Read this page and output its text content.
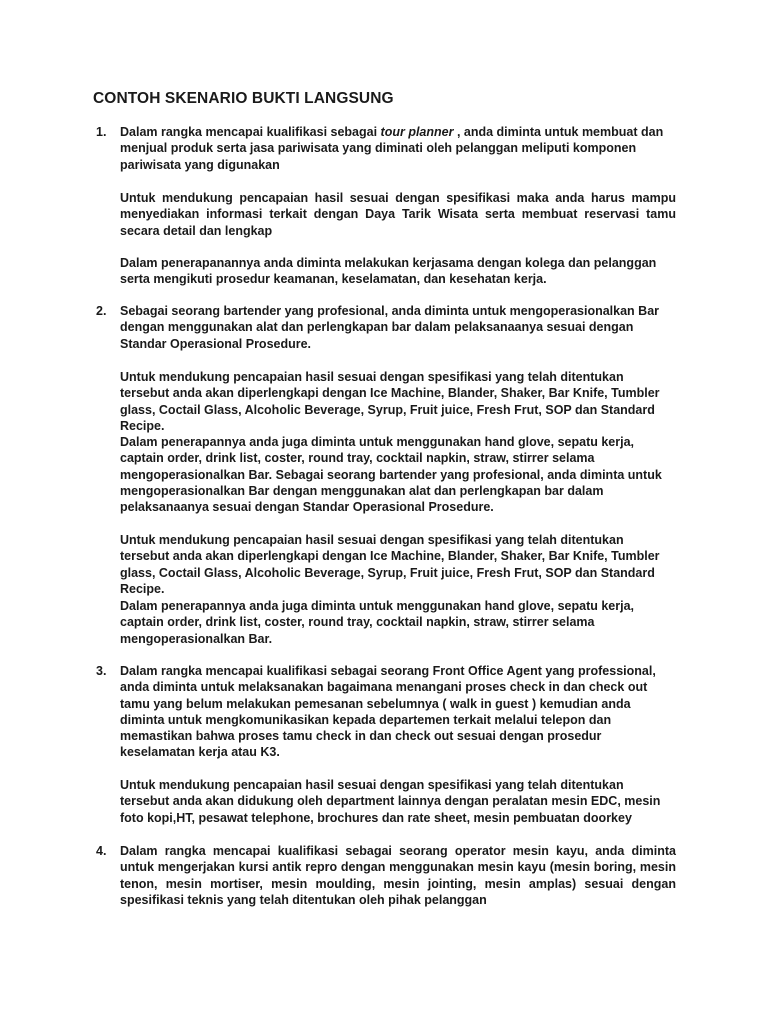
CONTOH SKENARIO BUKTI LANGSUNG
1. Dalam rangka mencapai kualifikasi sebagai tour planner , anda diminta untuk membuat dan menjual produk serta jasa pariwisata yang diminati oleh pelanggan meliputi komponen pariwisata yang digunakan

Untuk mendukung pencapaian hasil sesuai dengan spesifikasi maka anda harus mampu menyediakan informasi terkait dengan Daya Tarik Wisata serta membuat reservasi tamu secara detail dan lengkap

Dalam penerapanannya anda diminta melakukan kerjasama dengan kolega dan pelanggan serta mengikuti prosedur keamanan, keselamatan, dan kesehatan kerja.

2. Sebagai seorang bartender yang profesional, anda diminta untuk mengoperasionalkan Bar dengan menggunakan alat dan perlengkapan bar dalam pelaksanaanya sesuai dengan Standar Operasional Prosedure.

Untuk mendukung pencapaian hasil sesuai dengan spesifikasi yang telah ditentukan tersebut anda akan diperlengkapi dengan Ice Machine, Blander, Shaker, Bar Knife, Tumbler glass, Coctail Glass, Alcoholic Beverage, Syrup, Fruit juice, Fresh Frut, SOP dan Standard Recipe.

Dalam penerapannya anda juga diminta untuk menggunakan hand glove, sepatu kerja, captain order, drink list, coster, round tray, cocktail napkin, straw, stirrer selama mengoperasionalkan Bar. Sebagai seorang bartender yang profesional, anda diminta untuk mengoperasionalkan Bar dengan menggunakan alat dan perlengkapan bar dalam pelaksanaanya sesuai dengan Standar Operasional Prosedure.

Untuk mendukung pencapaian hasil sesuai dengan spesifikasi yang telah ditentukan tersebut anda akan diperlengkapi dengan Ice Machine, Blander, Shaker, Bar Knife, Tumbler glass, Coctail Glass, Alcoholic Beverage, Syrup, Fruit juice, Fresh Frut, SOP dan Standard Recipe.

Dalam penerapannya anda juga diminta untuk menggunakan hand glove, sepatu kerja, captain order, drink list, coster, round tray, cocktail napkin, straw, stirrer selama mengoperasionalkan Bar.

3. Dalam rangka mencapai kualifikasi sebagai seorang Front Office Agent yang professional, anda diminta untuk melaksanakan bagaimana menangani proses check in dan check out tamu yang belum melakukan pemesanan sebelumnya ( walk in guest ) kemudian anda diminta untuk mengkomunikasikan kepada departemen terkait melalui telepon dan memastikan bahwa proses tamu check in dan check out sesuai dengan prosedur keselamatan kerja atau K3.

Untuk mendukung pencapaian hasil sesuai dengan spesifikasi yang telah ditentukan tersebut anda akan didukung oleh department lainnya dengan peralatan mesin EDC, mesin foto kopi,HT, pesawat telephone, brochures dan rate sheet, mesin pembuatan doorkey

4. Dalam rangka mencapai kualifikasi sebagai seorang operator mesin kayu, anda diminta untuk mengerjakan kursi antik repro dengan menggunakan mesin kayu (mesin boring, mesin tenon, mesin mortiser, mesin moulding, mesin jointing, mesin amplas) sesuai dengan spesifikasi teknis yang telah ditentukan oleh pihak pelanggan
